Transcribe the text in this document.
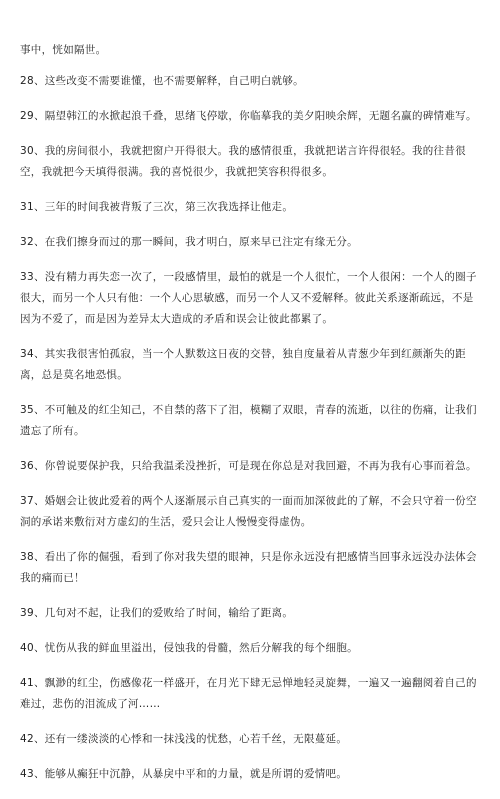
事中，恍如隔世。

28、这些改变不需要谁懂，也不需要解释，自己明白就够。

29、隔望韩江的水掀起浪千叠，思绪飞停歇，你临摹我的美夕阳映余辉，无题名赢的碑情难写。

30、我的房间很小，我就把窗户开得很大。我的感情很重，我就把诺言许得很轻。我的往昔很空，我就把今天填得很满。我的喜悦很少，我就把笑容积得很多。

31、三年的时间我被背叛了三次，第三次我选择让他走。

32、在我们擦身而过的那一瞬间，我才明白，原来早已注定有缘无分。

33、没有精力再失恋一次了，一段感情里，最怕的就是一个人很忙，一个人很闲：一个人的圈子很大，而另一个人只有他：一个人心思敏感，而另一个人又不爱解释。彼此关系逐渐疏远，不是因为不爱了，而是因为差异太大造成的矛盾和误会让彼此都累了。

34、其实我很害怕孤寂，当一个人默数这日夜的交替，独自度量着从青葱少年到红颜渐失的距离，总是莫名地恐惧。

35、不可触及的红尘知己，不自禁的落下了泪，模糊了双眼，青春的流逝，以往的伤痛，让我们遗忘了所有。

36、你曾说要保护我，只给我温柔没挫折，可是现在你总是对我回避，不再为我有心事而着急。

37、婚姻会让彼此爱着的两个人逐渐展示自己真实的一面而加深彼此的了解，不会只守着一份空洞的承诺来敷衍对方虚幻的生活，爱只会让人慢慢变得虚伪。

38、看出了你的倔强，看到了你对我失望的眼神，只是你永远没有把感情当回事永远没办法体会我的痛而已！

39、几句对不起，让我们的爱败给了时间，输给了距离。

40、忧伤从我的鲜血里溢出，侵蚀我的骨髓，然后分解我的每个细胞。

41、飘渺的红尘，伤感像花一样盛开，在月光下肆无忌惮地轻灵旋舞，一遍又一遍翻阅着自己的难过，悲伤的泪流成了河……

42、还有一缕淡淡的心悸和一抹浅浅的忧愁，心若千丝，无限蔓延。

43、能够从癫狂中沉静，从暴戾中平和的力量，就是所谓的爱情吧。
